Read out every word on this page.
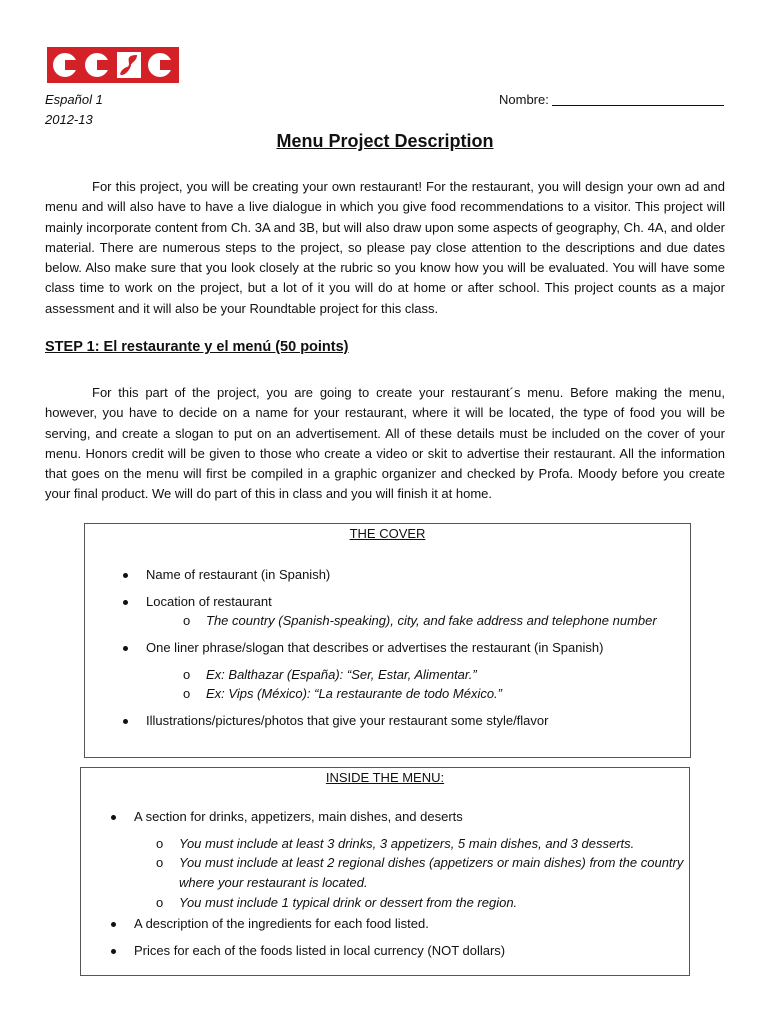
Español 1
2012-13
Nombre:
Menu Project Description
For this project, you will be creating your own restaurant! For the restaurant, you will design your own ad and menu and will also have to have a live dialogue in which you give food recommendations to a visitor. This project will mainly incorporate content from Ch. 3A and 3B, but will also draw upon some aspects of geography, Ch. 4A, and older material. There are numerous steps to the project, so please pay close attention to the descriptions and due dates below. Also make sure that you look closely at the rubric so you know how you will be evaluated. You will have some class time to work on the project, but a lot of it you will do at home or after school. This project counts as a major assessment and it will also be your Roundtable project for this class.
STEP 1: El restaurante y el menú (50 points)
For this part of the project, you are going to create your restaurant´s menu. Before making the menu, however, you have to decide on a name for your restaurant, where it will be located, the type of food you will be serving, and create a slogan to put on an advertisement. All of these details must be included on the cover of your menu. Honors credit will be given to those who create a video or skit to advertise their restaurant. All the information that goes on the menu will first be compiled in a graphic organizer and checked by Profa. Moody before you create your final product. We will do part of this in class and you will finish it at home.
THE COVER
Name of restaurant (in Spanish)
Location of restaurant
o The country (Spanish-speaking), city, and fake address and telephone number
One liner phrase/slogan that describes or advertises the restaurant (in Spanish)
o Ex: Balthazar (España): “Ser, Estar, Alimentar.”
o Ex: Vips (México): “La restaurante de todo México.”
Illustrations/pictures/photos that give your restaurant some style/flavor
INSIDE THE MENU:
A section for drinks, appetizers, main dishes, and deserts
o You must include at least 3 drinks, 3 appetizers, 5 main dishes, and 3 desserts.
o You must include at least 2 regional dishes (appetizers or main dishes) from the country
where your restaurant is located.
o You must include 1 typical drink or dessert from the region.
A description of the ingredients for each food listed.
Prices for each of the foods listed in local currency (NOT dollars)
